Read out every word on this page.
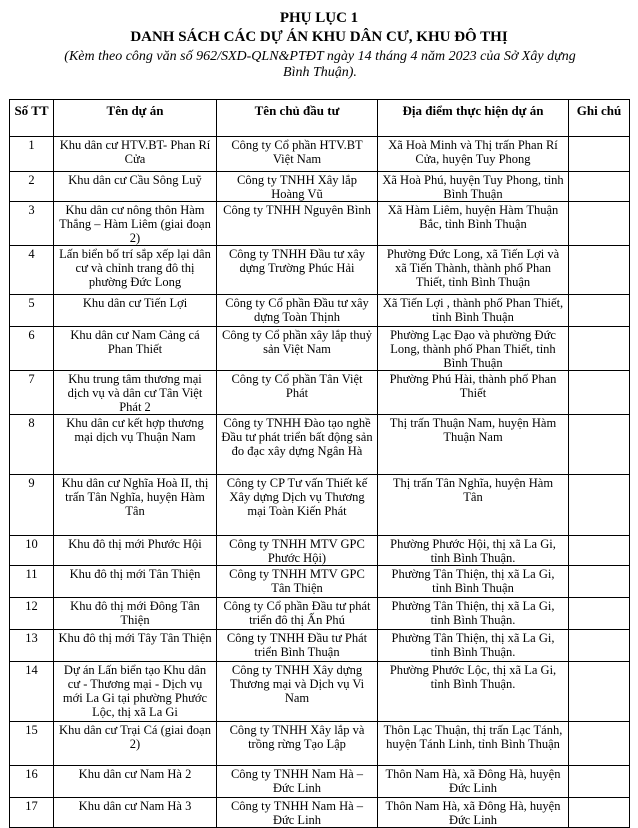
PHỤ LỤC 1
DANH SÁCH CÁC DỰ ÁN KHU DÂN CƯ, KHU ĐÔ THỊ
(Kèm theo công văn số 962/SXD-QLN&PTĐT ngày 14 tháng 4 năm 2023 của Sở Xây dựng Bình Thuận).
Số TT	Tên dự án	Tên chủ đầu tư	Địa điểm thực hiện dự án	Ghi chú
1	Khu dân cư HTV.BT- Phan Rí Cửa	Công ty Cổ phần HTV.BT Việt Nam	Xã Hoà Minh và Thị trấn Phan Rí Cửa, huyện Tuy Phong	
2	Khu dân cư Cầu Sông Luỹ	Công ty TNHH Xây lắp Hoàng Vũ	Xã Hoà Phú, huyện Tuy Phong, tỉnh Bình Thuận	
3	Khu dân cư nông thôn Hàm Thắng – Hàm Liêm (giai đoạn 2)	Công ty TNHH Nguyên Bình	Xã Hàm Liêm, huyện Hàm Thuận Bắc, tỉnh Bình Thuận	
4	Lấn biển bố trí sắp xếp lại dân cư và chỉnh trang đô thị phường Đức Long	Công ty TNHH Đầu tư xây dựng Trường Phúc Hải	Phường Đức Long, xã Tiến Lợi và xã Tiến Thành, thành phố Phan Thiết, tỉnh Bình Thuận	
5	Khu dân cư Tiến Lợi	Công ty Cổ phần Đầu tư xây dựng Toàn Thịnh	Xã Tiến Lợi , thành phố Phan Thiết, tỉnh Bình Thuận	
6	Khu dân cư Nam Cảng cá Phan Thiết	Công ty Cổ phần xây lắp thuỷ sản Việt Nam	Phường Lạc Đạo và phường Đức Long, thành phố Phan Thiết, tỉnh Bình Thuận	
7	Khu trung tâm thương mại dịch vụ và dân cư Tân Việt Phát 2	Công ty Cổ phần Tân Việt Phát	Phường Phú Hài, thành phố Phan Thiết	
8	Khu dân cư kết hợp thương mại dịch vụ Thuận Nam	Công ty TNHH Đào tạo nghề Đầu tư phát triển bất động sản đo đạc xây dựng Ngân Hà	Thị trấn Thuận Nam, huyện Hàm Thuận Nam	
9	Khu dân cư Nghĩa Hoà II, thị trấn Tân Nghĩa, huyện Hàm Tân	Công ty CP Tư vấn Thiết kế Xây dựng Dịch vụ Thương mại Toàn Kiến Phát	Thị trấn Tân Nghĩa, huyện Hàm Tân	
10	Khu đô thị mới Phước Hội	Công ty TNHH MTV GPC Phước Hội)	Phường Phước Hội, thị xã La Gi, tỉnh Bình Thuận.	
11	Khu đô thị mới Tân Thiện	Công ty TNHH MTV GPC Tân Thiện	Phường Tân Thiện, thị xã La Gi, tỉnh Bình Thuận	
12	Khu đô thị mới Đông Tân Thiện	Công ty Cổ phần Đầu tư phát triển đô thị Ấn Phú	Phường Tân Thiện, thị xã La Gi, tỉnh Bình Thuận.	
13	Khu đô thị mới Tây Tân Thiện	Công ty TNHH Đầu tư Phát triển Bình Thuận	Phường Tân Thiện, thị xã La Gi, tỉnh Bình Thuận.	
14	Dự án Lấn biển tạo Khu dân cư - Thương mại - Dịch vụ mới La Gi tại phường Phước Lộc, thị xã La Gi	Công ty TNHH Xây dựng Thương mại và Dịch vụ Vi Nam	Phường Phước Lộc, thị xã La Gi, tỉnh Bình Thuận.	
15	Khu dân cư Trại Cá (giai đoạn 2)	Công ty TNHH Xây lắp và trồng rừng Tạo Lập	Thôn Lạc Thuận, thị trấn Lạc Tánh, huyện Tánh Linh, tỉnh Bình Thuận	
16	Khu dân cư Nam Hà 2	Công ty TNHH Nam Hà – Đức Linh	Thôn Nam Hà, xã Đông Hà, huyện Đức Linh	
17	Khu dân cư Nam Hà 3	Công ty TNHH Nam Hà – Đức Linh	Thôn Nam Hà, xã Đông Hà, huyện Đức Linh	
